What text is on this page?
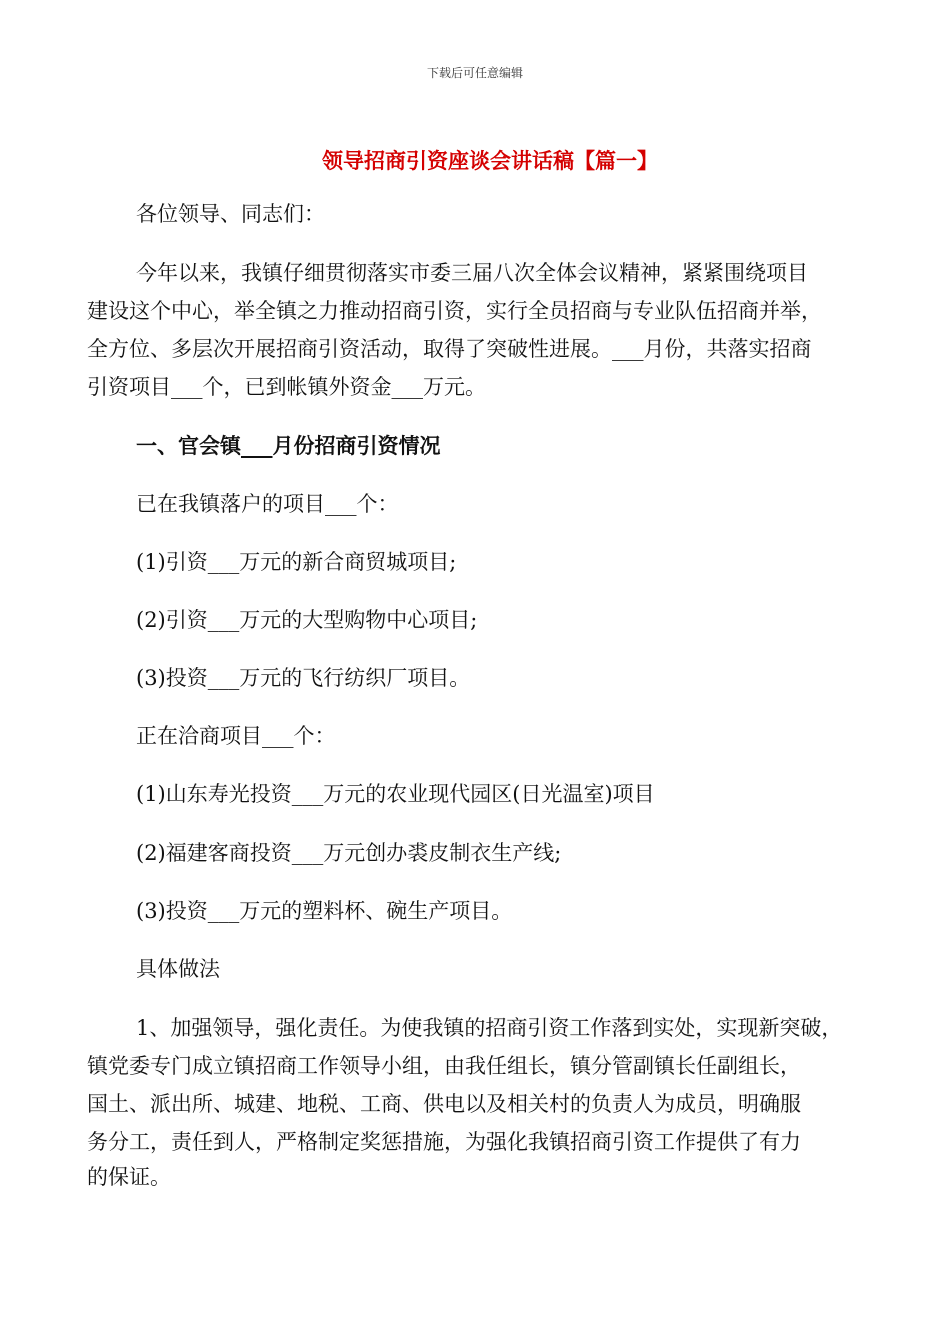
下载后可任意编辑
领导招商引资座谈会讲话稿【篇一】
各位领导、同志们：
今年以来，我镇仔细贯彻落实市委三届八次全体会议精神，紧紧围绕项目
建设这个中心，举全镇之力推动招商引资，实行全员招商与专业队伍招商并举，
全方位、多层次开展招商引资活动，取得了突破性进展。___月份，共落实招商
引资项目___个，已到帐镇外资金___万元。
一、官会镇___月份招商引资情况
已在我镇落户的项目___个：
(1)引资___万元的新合商贸城项目;
(2)引资___万元的大型购物中心项目;
(3)投资___万元的飞行纺织厂项目。
正在洽商项目___个：
(1)山东寿光投资___万元的农业现代园区(日光温室)项目
(2)福建客商投资___万元创办裘皮制衣生产线;
(3)投资___万元的塑料杯、碗生产项目。
具体做法
1、加强领导，强化责任。为使我镇的招商引资工作落到实处，实现新突破，
镇党委专门成立镇招商工作领导小组，由我任组长，镇分管副镇长任副组长，
国土、派出所、城建、地税、工商、供电以及相关村的负责人为成员，明确服
务分工，责任到人，严格制定奖惩措施，为强化我镇招商引资工作提供了有力
的保证。
